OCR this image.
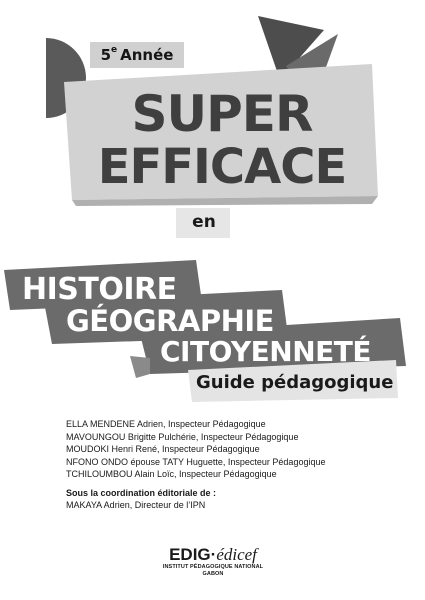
5e Année
SUPER
EFFICACE
en
HISTOIRE
GÉOGRAPHIE
CITOYENNETÉ
Guide pédagogique
ELLA MENDENE Adrien, Inspecteur Pédagogique
MAVOUNGOU Brigitte Pulchérie, Inspecteur Pédagogique
MOUDOKI Henri René, Inspecteur Pédagogique
NFONO ONDO épouse TATY Huguette, Inspecteur Pédagogique
TCHILOUMBOU Alain Loïc, Inspecteur Pédagogique
Sous la coordination éditoriale de :
MAKAYA Adrien, Directeur de l’IPN
EDIG·édicef
INSTITUT PÉDAGOGIQUE NATIONAL
GABON
